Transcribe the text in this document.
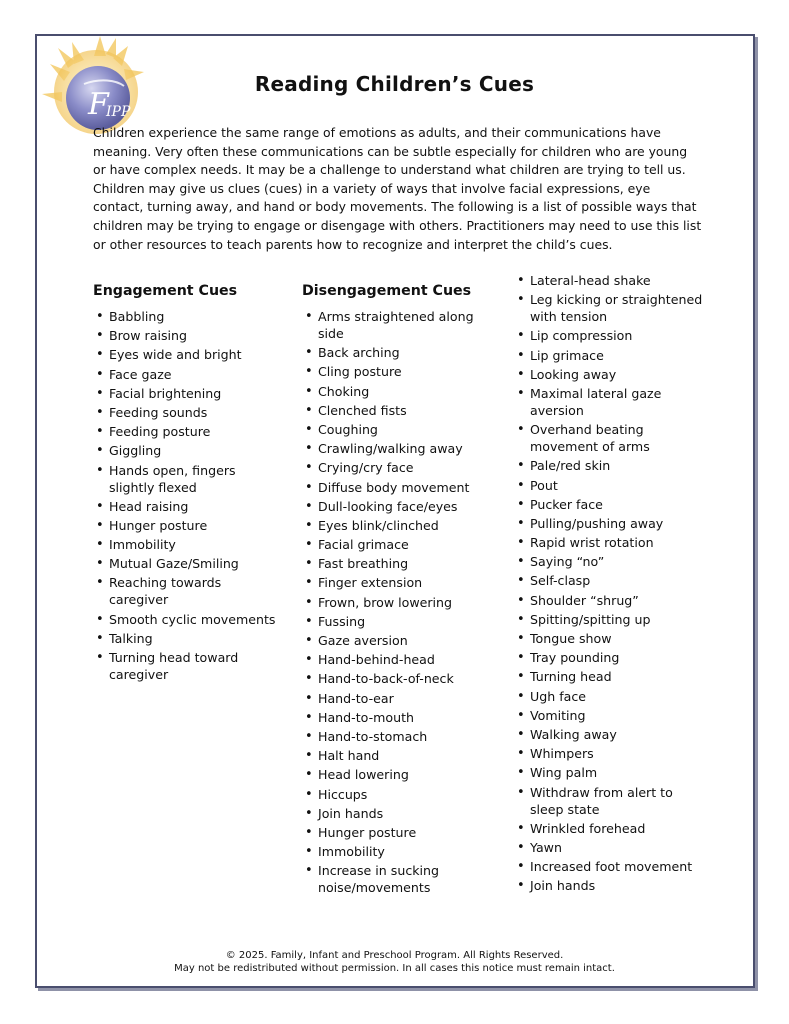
F
IPP
Reading Children’s Cues
Children experience the same range of emotions as adults, and their communications have meaning. Very often these communications can be subtle especially for children who are young or have complex needs. It may be a challenge to understand what children are trying to tell us. Children may give us clues (cues) in a variety of ways that involve facial expressions, eye contact, turning away, and hand or body movements. The following is a list of possible ways that children may be trying to engage or disengage with others. Practitioners may need to use this list or other resources to teach parents how to recognize and interpret the child’s cues.
Engagement Cues
• Babbling
• Brow raising
• Eyes wide and bright
• Face gaze
• Facial brightening
• Feeding sounds
• Feeding posture
• Giggling
• Hands open, fingers slightly flexed
• Head raising
• Hunger posture
• Immobility
• Mutual Gaze/Smiling
• Reaching towards caregiver
• Smooth cyclic movements
• Talking
• Turning head toward caregiver
Disengagement Cues
• Arms straightened along side
• Back arching
• Cling posture
• Choking
• Clenched fists
• Coughing
• Crawling/walking away
• Crying/cry face
• Diffuse body movement
• Dull-looking face/eyes
• Eyes blink/clinched
• Facial grimace
• Fast breathing
• Finger extension
• Frown, brow lowering
• Fussing
• Gaze aversion
• Hand-behind-head
• Hand-to-back-of-neck
• Hand-to-ear
• Hand-to-mouth
• Hand-to-stomach
• Halt hand
• Head lowering
• Hiccups
• Join hands
• Hunger posture
• Immobility
• Increase in sucking noise/movements
• Lateral-head shake
• Leg kicking or straightened with tension
• Lip compression
• Lip grimace
• Looking away
• Maximal lateral gaze aversion
• Overhand beating movement of arms
• Pale/red skin
• Pout
• Pucker face
• Pulling/pushing away
• Rapid wrist rotation
• Saying “no”
• Self-clasp
• Shoulder “shrug”
• Spitting/spitting up
• Tongue show
• Tray pounding
• Turning head
• Ugh face
• Vomiting
• Walking away
• Whimpers
• Wing palm
• Withdraw from alert to sleep state
• Wrinkled forehead
• Yawn
• Increased foot movement
• Join hands
© 2025. Family, Infant and Preschool Program. All Rights Reserved.
May not be redistributed without permission. In all cases this notice must remain intact.
